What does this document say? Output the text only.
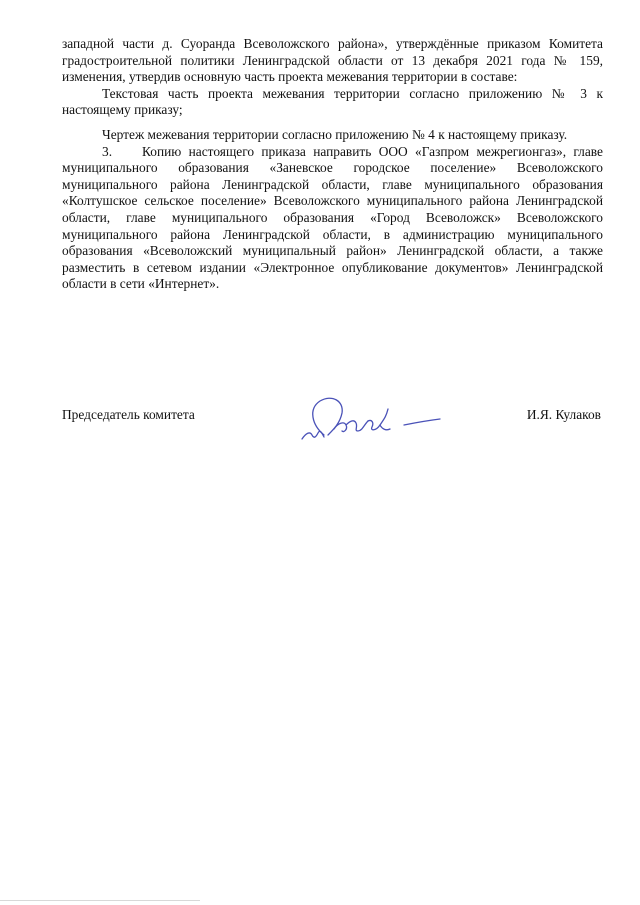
западной части д. Суоранда Всеволожского района», утверждённые приказом Комитета градостроительной политики Ленинградской области от 13 декабря 2021 года № 159, изменения, утвердив основную часть проекта межевания территории в составе:

Текстовая часть проекта межевания территории согласно приложению № 3 к настоящему приказу;

Чертеж межевания территории согласно приложению № 4 к настоящему приказу.

3. Копию настоящего приказа направить ООО «Газпром межрегионгаз», главе муниципального образования «Заневское городское поселение» Всеволожского муниципального района Ленинградской области, главе муниципального образования «Колтушское сельское поселение» Всеволожского муниципального района Ленинградской области, главе муниципального образования «Город Всеволожск» Всеволожского муниципального района Ленинградской области, в администрацию муниципального образования «Всеволожский муниципальный район» Ленинградской области, а также разместить в сетевом издании «Электронное опубликование документов» Ленинградской области в сети «Интернет».

Председатель комитета	И.Я. Кулаков
